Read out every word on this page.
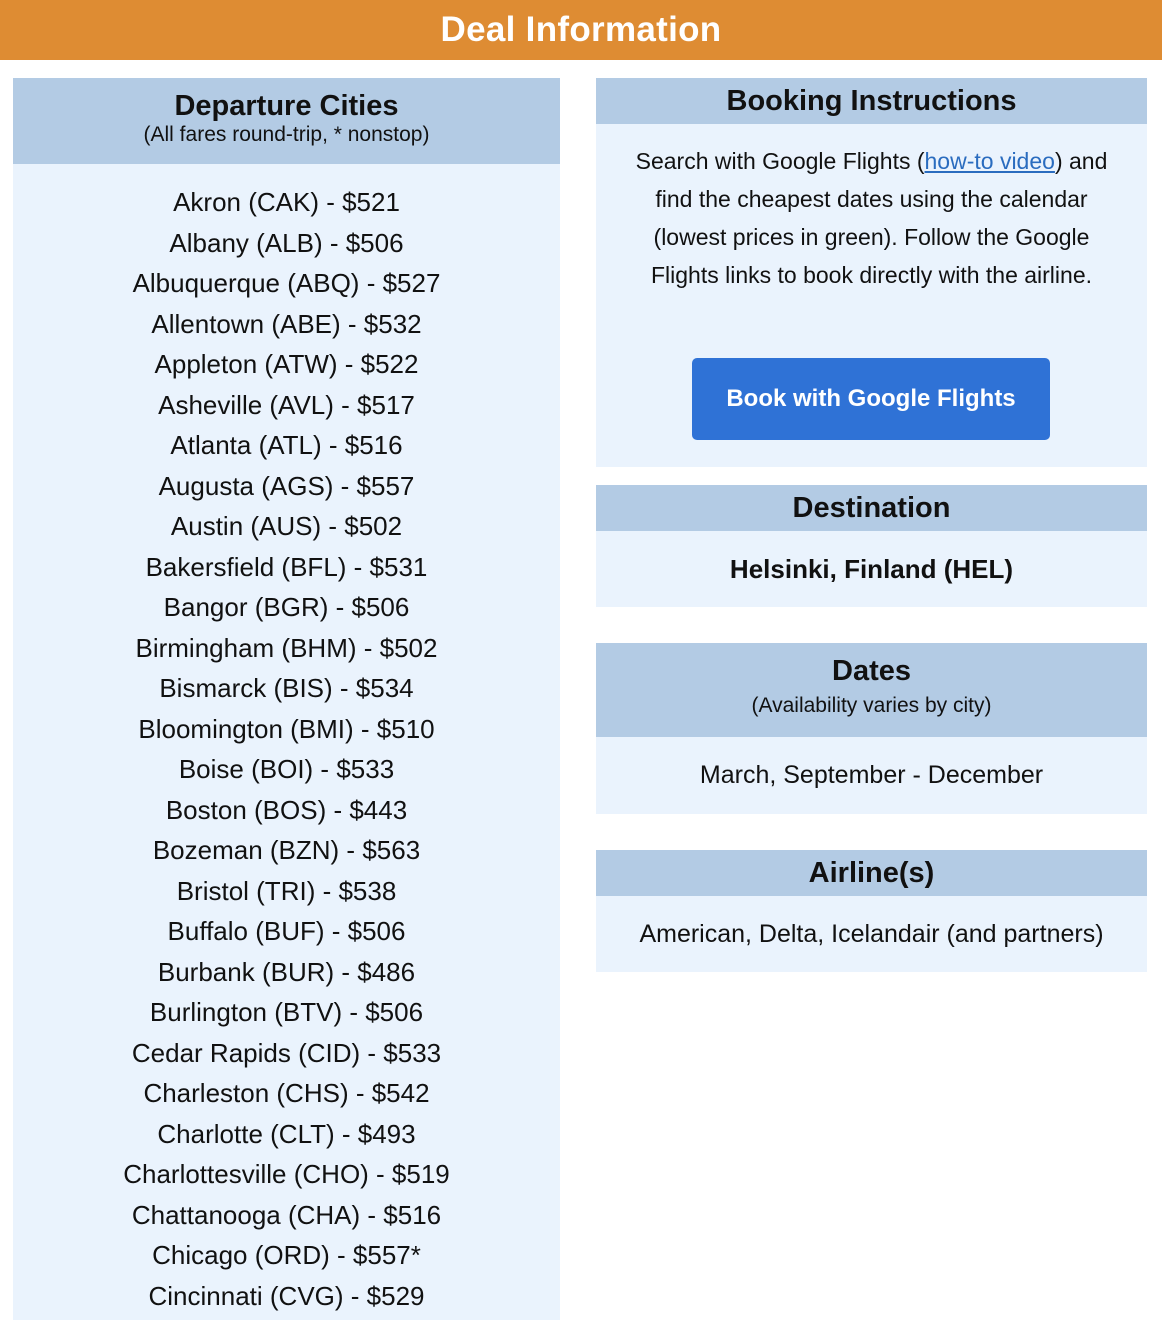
Deal Information
Departure Cities
(All fares round-trip, * nonstop)
Akron (CAK) - $521
Albany (ALB) - $506
Albuquerque (ABQ) - $527
Allentown (ABE) - $532
Appleton (ATW) - $522
Asheville (AVL) - $517
Atlanta (ATL) - $516
Augusta (AGS) - $557
Austin (AUS) - $502
Bakersfield (BFL) - $531
Bangor (BGR) - $506
Birmingham (BHM) - $502
Bismarck (BIS) - $534
Bloomington (BMI) - $510
Boise (BOI) - $533
Boston (BOS) - $443
Bozeman (BZN) - $563
Bristol (TRI) - $538
Buffalo (BUF) - $506
Burbank (BUR) - $486
Burlington (BTV) - $506
Cedar Rapids (CID) - $533
Charleston (CHS) - $542
Charlotte (CLT) - $493
Charlottesville (CHO) - $519
Chattanooga (CHA) - $516
Chicago (ORD) - $557*
Cincinnati (CVG) - $529
Booking Instructions
Search with Google Flights (how-to video) and find the cheapest dates using the calendar (lowest prices in green). Follow the Google Flights links to book directly with the airline.
Book with Google Flights
Destination
Helsinki, Finland (HEL)
Dates
(Availability varies by city)
March, September - December
Airline(s)
American, Delta, Icelandair (and partners)
